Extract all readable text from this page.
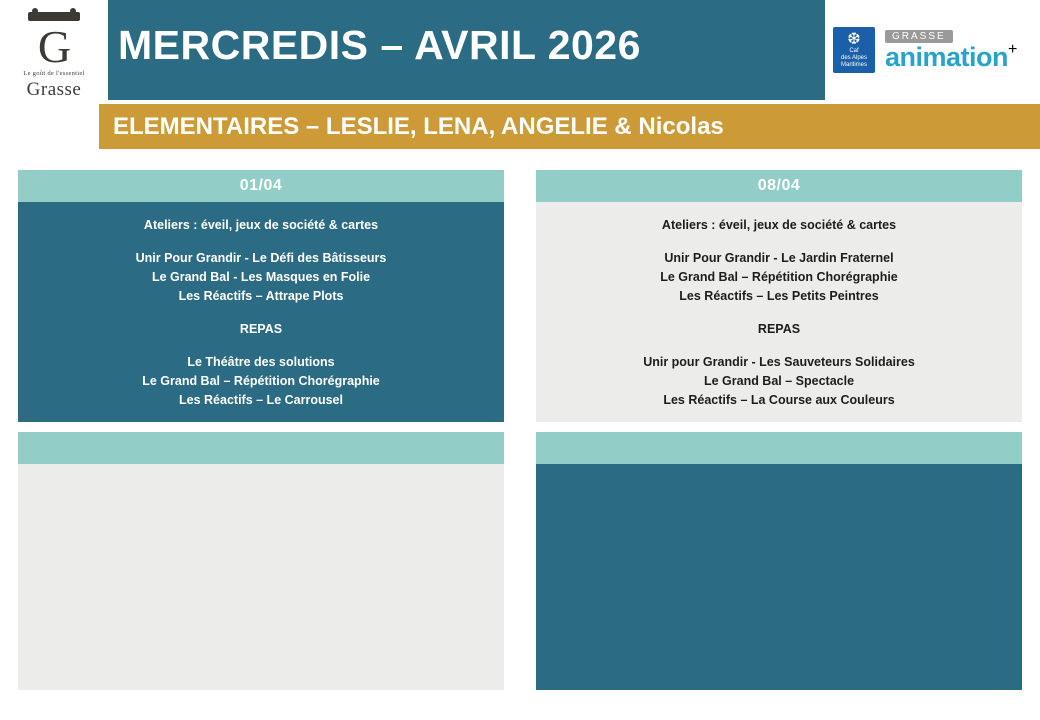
MERCREDIS – AVRIL 2026
G
Le goût de l'essentiel
Grasse
❆
Caf
des Alpes
Maritimes
GRASSE
animation +
ELEMENTAIRES – LESLIE, LENA, ANGELIE & Nicolas
01/04
Ateliers : éveil, jeux de société & cartes
Unir Pour Grandir - Le Défi des Bâtisseurs
Le Grand Bal - Les Masques en Folie
Les Réactifs – Attrape Plots
REPAS
Le Théâtre des solutions
Le Grand Bal – Répétition Chorégraphie
Les Réactifs – Le Carrousel
08/04
Ateliers : éveil, jeux de société & cartes
Unir Pour Grandir - Le Jardin Fraternel
Le Grand Bal – Répétition Chorégraphie
Les Réactifs – Les Petits Peintres
REPAS
Unir pour Grandir - Les Sauveteurs Solidaires
Le Grand Bal – Spectacle
Les Réactifs – La Course aux Couleurs
